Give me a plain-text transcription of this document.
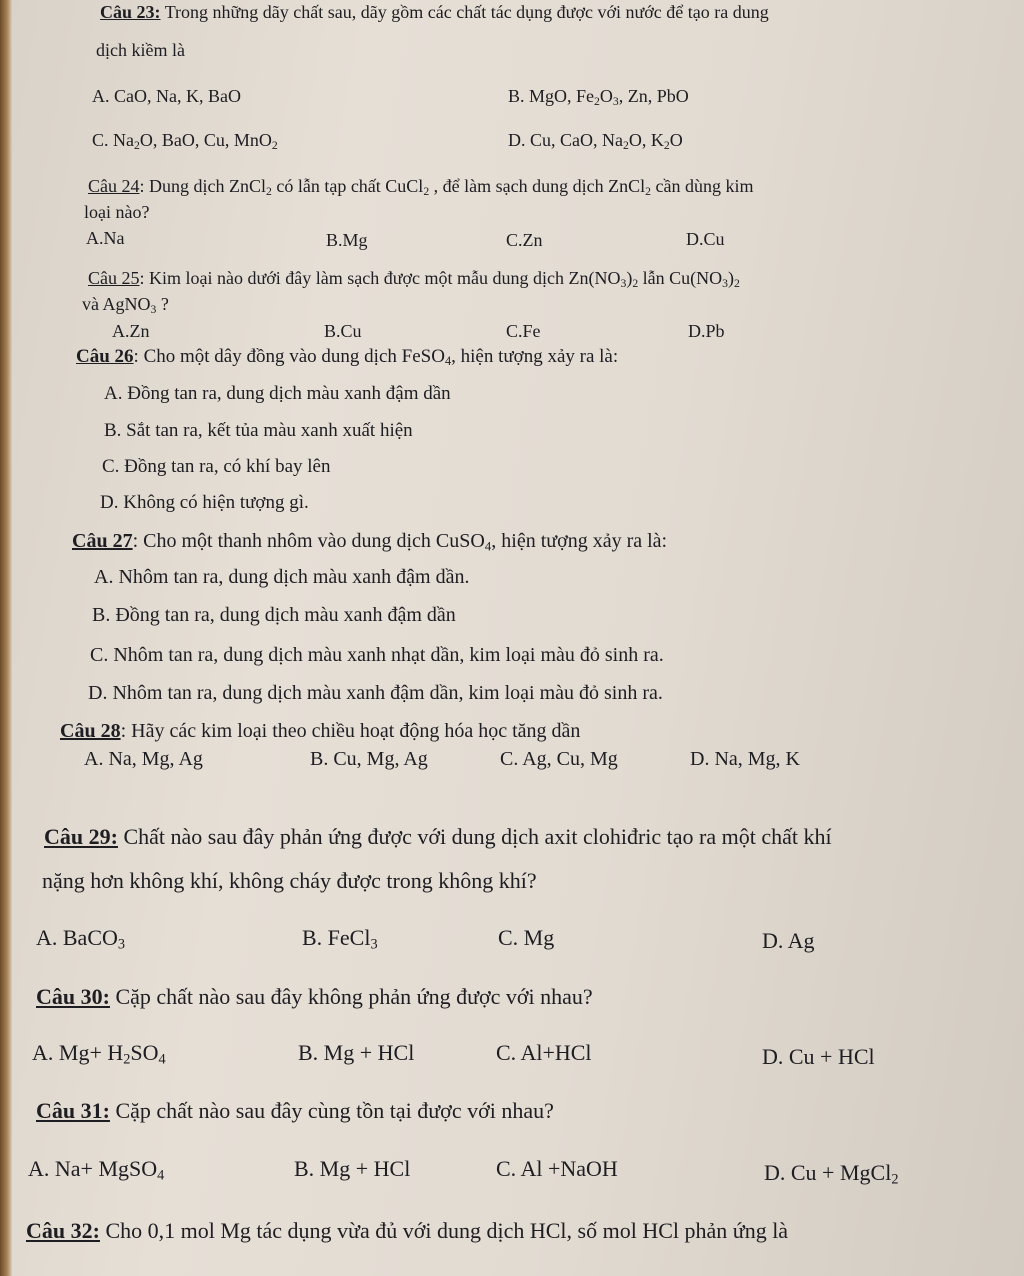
Câu 23: Trong những dãy chất sau, dãy gồm các chất tác dụng được với nước để tạo ra dung
dịch kiềm là
A. CaO, Na, K, BaO	B. MgO, $Fe_2O_3$, Zn, PbO
C. $Na_2O$, BaO, Cu, MnO$_2$	D. Cu, CaO, $Na_2O$, $K_2O$
Câu 24: Dung dịch ZnCl$_2$ có lẫn tạp chất CuCl$_2$ , để làm sạch dung dịch ZnCl$_2$ cần dùng kim
loại nào?
A.Na	B.Mg	C.Zn	D.Cu
Câu 25: Kim loại nào dưới đây làm sạch được một mẫu dung dịch $Zn(NO_3)_2$ lẫn $Cu(NO_3)_2$
và AgNO$_3$ ?
A.Zn	B.Cu	C.Fe	D.Pb
Câu 26: Cho một dây đồng vào dung dịch FeSO$_4$, hiện tượng xảy ra là:
A. Đồng tan ra, dung dịch màu xanh đậm dần
B. Sắt tan ra, kết tủa màu xanh xuất hiện
C. Đồng tan ra, có khí bay lên
D. Không có hiện tượng gì.
Câu 27: Cho một thanh nhôm vào dung dịch CuSO$_4$, hiện tượng xảy ra là:
A. Nhôm tan ra, dung dịch màu xanh đậm dần.
B. Đồng tan ra, dung dịch màu xanh đậm dần
C. Nhôm tan ra, dung dịch màu xanh nhạt dần, kim loại màu đỏ sinh ra.
D. Nhôm tan ra, dung dịch màu xanh đậm dần, kim loại màu đỏ sinh ra.
Câu 28: Hãy các kim loại theo chiều hoạt động hóa học tăng dần
A. Na, Mg, Ag	B. Cu, Mg, Ag	C. Ag, Cu, Mg	D. Na, Mg, K
Câu 29: Chất nào sau đây phản ứng được với dung dịch axit clohiđric tạo ra một chất khí
nặng hơn không khí, không cháy được trong không khí?
A. BaCO$_3$	B. FeCl$_3$	C. Mg	D. Ag
Câu 30: Cặp chất nào sau đây không phản ứng được với nhau?
A. $Mg+ H_2SO_4$	B. Mg + HCl	C. Al+HCl	D. Cu + HCl
Câu 31: Cặp chất nào sau đây cùng tồn tại được với nhau?
A. Na+ MgSO$_4$	B. Mg + HCl	C. Al +NaOH	D. Cu + MgCl$_2$
Câu 32: Cho 0,1 mol Mg tác dụng vừa đủ với dung dịch HCl, số mol HCl phản ứng là
